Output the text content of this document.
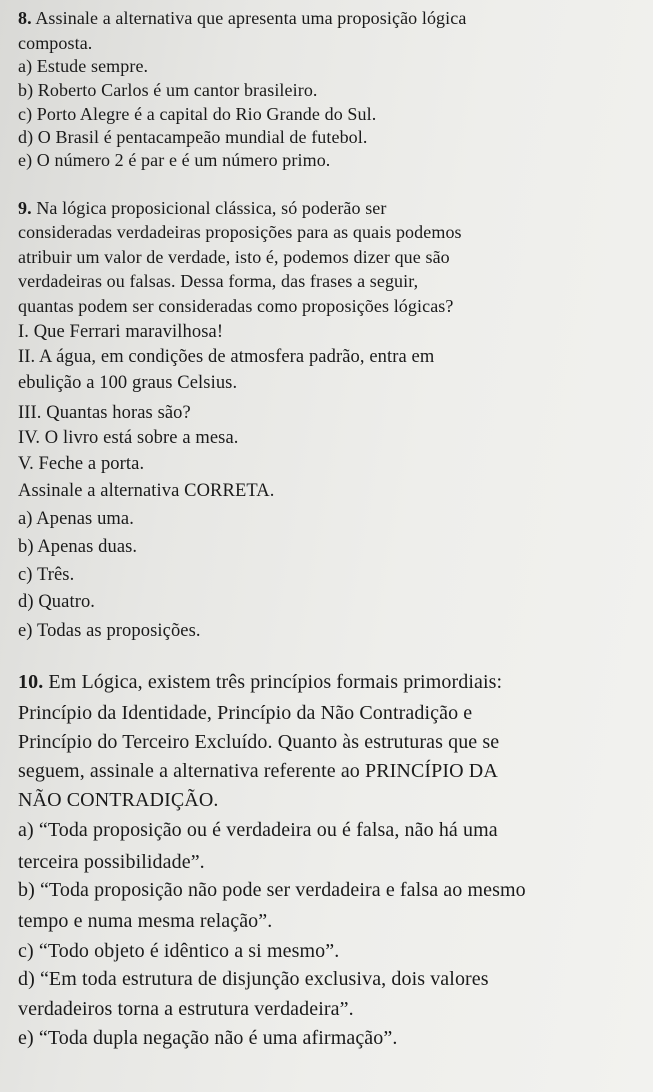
8. Assinale a alternativa que apresenta uma proposição lógica
composta.
a) Estude sempre.
b) Roberto Carlos é um cantor brasileiro.
c) Porto Alegre é a capital do Rio Grande do Sul.
d) O Brasil é pentacampeão mundial de futebol.
e) O número 2 é par e é um número primo.
9. Na lógica proposicional clássica, só poderão ser
consideradas verdadeiras proposições para as quais podemos
atribuir um valor de verdade, isto é, podemos dizer que são
verdadeiras ou falsas. Dessa forma, das frases a seguir,
quantas podem ser consideradas como proposições lógicas?
I. Que Ferrari maravilhosa!
II. A água, em condições de atmosfera padrão, entra em
ebulição a 100 graus Celsius.
III. Quantas horas são?
IV. O livro está sobre a mesa.
V. Feche a porta.
Assinale a alternativa CORRETA.
a) Apenas uma.
b) Apenas duas.
c) Três.
d) Quatro.
e) Todas as proposições.
10. Em Lógica, existem três princípios formais primordiais:
Princípio da Identidade, Princípio da Não Contradição e
Princípio do Terceiro Excluído. Quanto às estruturas que se
seguem, assinale a alternativa referente ao PRINCÍPIO DA
NÃO CONTRADIÇÃO.
a) “Toda proposição ou é verdadeira ou é falsa, não há uma
terceira possibilidade”.
b) “Toda proposição não pode ser verdadeira e falsa ao mesmo
tempo e numa mesma relação”.
c) “Todo objeto é idêntico a si mesmo”.
d) “Em toda estrutura de disjunção exclusiva, dois valores
verdadeiros torna a estrutura verdadeira”.
e) “Toda dupla negação não é uma afirmação”.
